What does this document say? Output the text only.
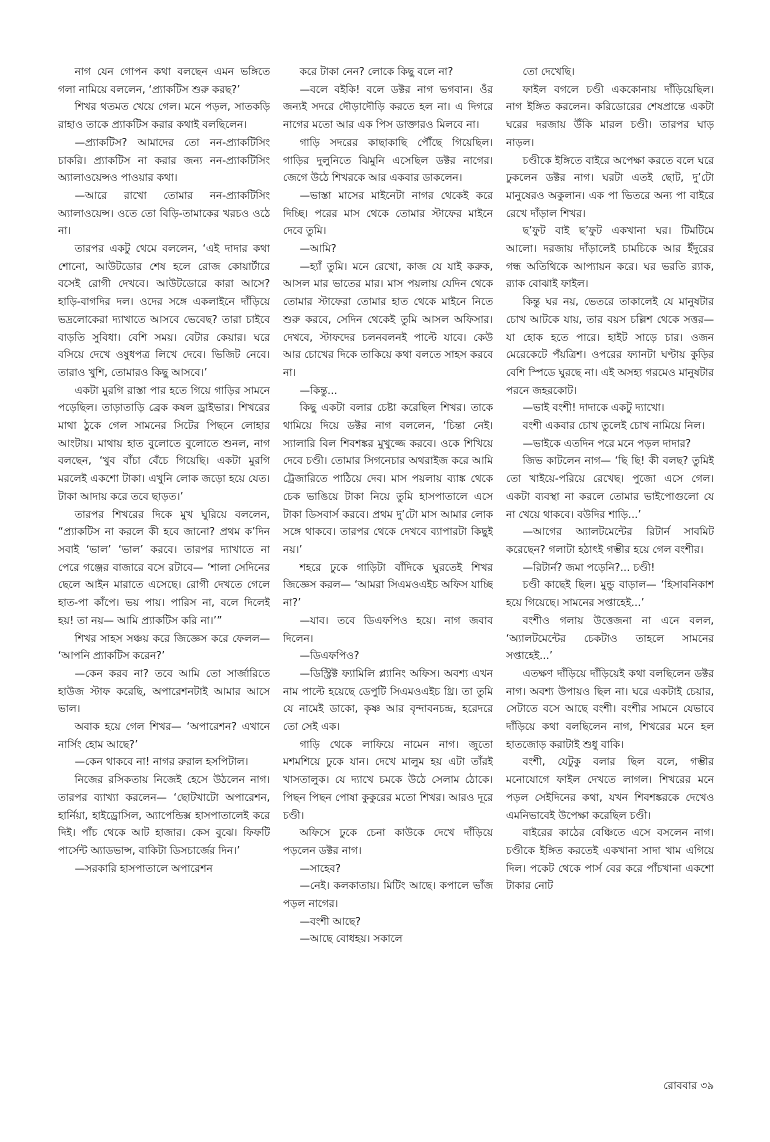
নাগ যেন গোপন কথা বলছেন এমন ভঙ্গিতে গলা নামিয়ে বললেন, ‘প্র্যাকটিস শুরু করছ?’

শিখর থতমত খেয়ে গেল। মনে পড়ল, সাতকড়ি রাহাও তাকে প্র্যাকটিস করার কথাই বলছিলেন।

—প্র্যাকটিস? আমাদের তো নন-প্র্যাকটিসিং চাকরি। প্র্যাকটিস না করার জন্য নন-প্র্যাকটিসিং অ্যালাওয়েন্সও পাওয়ার কথা।

—আরে রাখো তোমার নন-প্র্যাকটিসিং অ্যালাওয়েন্স। ওতে তো বিড়ি-তামাকের খরচও ওঠে না।

তারপর একটু থেমে বললেন, ‘এই দাদার কথা শোনো, আউটডোর শেষ হলে রোজ কোয়ার্টারে বসেই রোগী দেখবে। আউটডোরে কারা আসে? হাড়ি-বাগদির দল। ওদের সঙ্গে একলাইনে দাঁড়িয়ে ভদ্রলোকেরা দ্যাখাতে আসবে ভেবেছ? তারা চাইবে বাড়তি সুবিধা। বেশি সময়। বেটার কেয়ার। ঘরে বসিয়ে দেখে ওষুধপত্র লিখে দেবে। ভিজিট নেবে। তারাও খুশি, তোমারও কিছু আসবে।’

একটা মুরগি রাস্তা পার হতে গিয়ে গাড়ির সামনে পড়েছিল। তাড়াতাড়ি ব্রেক কষল ড্রাইভার। শিখরের মাথা ঠুকে গেল সামনের সিটের পিছনে লোহার আংটায়। মাথায় হাত বুলোতে বুলোতে শুনল, নাগ বলছেন, ‘খুব বাঁচা বেঁচে গিয়েছি। একটা মুরগি মরলেই একশো টাকা। এখুনি লোক জড়ো হয়ে যেত। টাকা আদায় করে তবে ছাড়ত।’

তারপর শিখরের দিকে মুখ ঘুরিয়ে বললেন, “প্র্যাকটিস না করলে কী হবে জানো? প্রথম ক’দিন সবাই ‘ভাল’ ‘ভাল’ করবে। তারপর দ্যাখাতে না পেরে গঞ্জের বাজারে বসে রটাবে— ‘শালা সেদিনের ছেলে আইন মারাতে এসেছে। রোগী দেখতে গেলে হাত-পা কাঁপে। ভয় পায়। পারিস না, বলে দিলেই হয়! তা নয়— আমি প্র্যাকটিস করি না।’”

শিখর সাহস সঞ্চয় করে জিজ্ঞেস করে ফেলল— ‘আপনি প্র্যাকটিস করেন?’

—কেন করব না? তবে আমি তো সার্জারিতে হাউজ স্টাফ করেছি, অপারেশনটাই আমার আসে ভাল।

অবাক হয়ে গেল শিখর— ‘অপারেশন? এখানে নার্সিং হোম আছে?’

—কেন থাকবে না! নাগর রুরাল হসপিটাল।

নিজের রসিকতায় নিজেই হেসে উঠলেন নাগ। তারপর ব্যাখ্যা করলেন— ‘ছোটখাটো অপারেশন, হার্নিয়া, হাইড্রোসিল, অ্যাপেন্ডিক্স হাসপাতালেই করে দিই। পাঁচ থেকে আট হাজার। কেস বুঝে। ফিফটি পার্সেন্ট অ্যাডভান্স, বাকিটা ডিসচার্জের দিন।’

—সরকারি হাসপাতালে অপারেশন

করে টাকা নেন? লোকে কিছু বলে না?

—বলে বইকি! বলে ডক্টর নাগ ভগবান। ওঁর জন্যই সদরে দৌড়াদৌড়ি করতে হল না। এ দিগরে নাগের মতো আর এক পিস ডাক্তারও মিলবে না।

গাড়ি সদরের কাছাকাছি পৌঁছে গিয়েছিল। গাড়ির দুলুনিতে ঝিমুনি এসেছিল ডক্টর নাগের। জেগে উঠে শিখরকে আর একবার ডাকলেন।

—ভাস্তা মাসের মাইনেটা নাগর থেকেই করে দিচ্ছি। পরের মাস থেকে তোমার স্টাফের মাইনে দেবে তুমি।

—আমি?

—হ্যাঁ তুমি। মনে রেখো, কাজ যে যাই করুক, আসল মার ভাতের মার। মাস পয়লায় যেদিন থেকে তোমার স্টাফেরা তোমার হাত থেকে মাইনে নিতে শুরু করবে, সেদিন থেকেই তুমি আসল অফিসার। দেখবে, স্টাফদের চলনবলনই পাল্টে যাবে। কেউ আর চোখের দিকে তাকিয়ে কথা বলতে সাহস করবে না।

—কিন্তু...

কিছু একটা বলার চেষ্টা করেছিল শিখর। তাকে থামিয়ে দিয়ে ডক্টর নাগ বললেন, ‘চিন্তা নেই। স্যালারি বিল শিবশঙ্কর মুখুজ্জে করবে। ওকে শিখিয়ে দেবে চণ্ডী। তোমার সিগনেচার অথরাইজ করে আমি ট্রেজারিতে পাঠিয়ে দেব। মাস পয়লায় ব্যাঙ্ক থেকে চেক ভাঙিয়ে টাকা নিয়ে তুমি হাসপাতালে এসে টাকা ডিসবার্স করবে। প্রথম দু’টো মাস আমার লোক সঙ্গে থাকবে। তারপর থেকে দেখবে ব্যাপারটা কিছুই নয়।’

শহরে ঢুকে গাড়িটা বাঁদিকে ঘুরতেই শিখর জিজ্ঞেস করল— ‘আমরা সিএমওএইচ অফিস যাচ্ছি না?’

—যাব। তবে ডিএফপিও হয়ে। নাগ জবাব দিলেন।

—ডিএফপিও?

—ডিস্ট্রিক্ট ফ্যামিলি প্ল্যানিং অফিস। অবশ্য এখন নাম পাল্টে হয়েছে ডেপুটি সিএমওএইচ থ্রি। তা তুমি যে নামেই ডাকো, কৃষ্ণ আর বৃন্দাবনচন্দ্র, হরেদরে তো সেই এক।

গাড়ি থেকে লাফিয়ে নামেন নাগ। জুতো মশমশিয়ে ঢুকে যান। দেখে মালুম হয় এটা তাঁরই খাসতালুক। যে দ্যাখে চমকে উঠে সেলাম ঠোকে। পিছন পিছন পোষা কুকুরের মতো শিখর। আরও দূরে চণ্ডী।

অফিসে ঢুকে চেনা কাউকে দেখে দাঁড়িয়ে পড়লেন ডক্টর নাগ।

—সাহেব?

—নেই। কলকাতায়। মিটিং আছে। কপালে ভাঁজ পড়ল নাগের।

—বংশী আছে?

—আছে বোধহয়। সকালে

তো দেখেছি।

ফাইল বগলে চণ্ডী এককোনায় দাঁড়িয়েছিল। নাগ ইঙ্গিত করলেন। করিডোরের শেষপ্রান্তে একটা ঘরের দরজায় উঁকি মারল চণ্ডী। তারপর ঘাড় নাড়ল।

চণ্ডীকে ইঙ্গিতে বাইরে অপেক্ষা করতে বলে ঘরে ঢুকলেন ডক্টর নাগ। ঘরটা এতই ছোট, দু’টো মানুষেরও অকুলান। এক পা ভিতরে অন্য পা বাইরে রেখে দাঁড়াল শিখর।

ছ’ফুট বাই ছ’ফুট একখানা ঘর। টিমটিমে আলো। দরজায় দাঁড়ালেই চামচিকে আর ইঁদুরের গন্ধ অতিথিকে আপ্যায়ন করে। ঘর ভরতি র‍্যাক, র‍্যাক বোঝাই ফাইল।

কিন্তু ঘর নয়, ভেতরে তাকালেই যে মানুষটার চোখ আটকে যায়, তার বয়স চল্লিশ থেকে সত্তর— যা হোক হতে পারে। হাইট সাড়ে চার। ওজন মেরেকেটে পঁয়ত্রিশ। ওপরের ফ্যানটা ঘণ্টায় কুড়ির বেশি স্পিডে ঘুরছে না। এই অসহ্য গরমেও মানুষটার পরনে জহরকোট।

—ভাই বংশী! দাদাকে একটু দ্যাখো।

বংশী একবার চোখ তুলেই চোখ নামিয়ে নিল।

—ভাইকে এতদিন পরে মনে পড়ল দাদার?

জিভ কাটলেন নাগ— ‘ছি ছি! কী বলছ? তুমিই তো খাইয়ে-পরিয়ে রেখেছ। পুজো এসে গেল। একটা ব্যবস্থা না করলে তোমার ভাইপোগুলো যে না খেয়ে থাকবে। বউদির শাড়ি...’

—আগের অ্যালটমেন্টের রিটার্ন সাবমিট করেছেন? গলাটা হঠাৎই গম্ভীর হয়ে গেল বংশীর।

—রিটার্ন? জমা পড়েনি?... চণ্ডী!

চণ্ডী কাছেই ছিল। মুন্ডু বাড়াল— ‘হিসাবনিকাশ হয়ে গিয়েছে। সামনের সপ্তাহেই...’

বংশীও গলায় উত্তেজনা না এনে বলল, ‘অ্যালটমেন্টের চেকটাও তাহলে সামনের সপ্তাহেই...’

এতক্ষণ দাঁড়িয়ে দাঁড়িয়েই কথা বলছিলেন ডক্টর নাগ। অবশ্য উপায়ও ছিল না। ঘরে একটাই চেয়ার, সেটাতে বসে আছে বংশী। বংশীর সামনে যেভাবে দাঁড়িয়ে কথা বলছিলেন নাগ, শিখরের মনে হল হাতজোড় করাটাই শুধু বাকি।

বংশী, যেটুকু বলার ছিল বলে, গম্ভীর মনোযোগে ফাইল দেখতে লাগল। শিখরের মনে পড়ল সেইদিনের কথা, যখন শিবশঙ্করকে দেখেও এমনিভাবেই উপেক্ষা করেছিল চণ্ডী।

বাইরের কাঠের বেঞ্চিতে এসে বসলেন নাগ। চণ্ডীকে ইঙ্গিত করতেই একখানা সাদা খাম এগিয়ে দিল। পকেট থেকে পার্স বের করে পাঁচখানা একশো টাকার নোট

রোববার ৩৯
